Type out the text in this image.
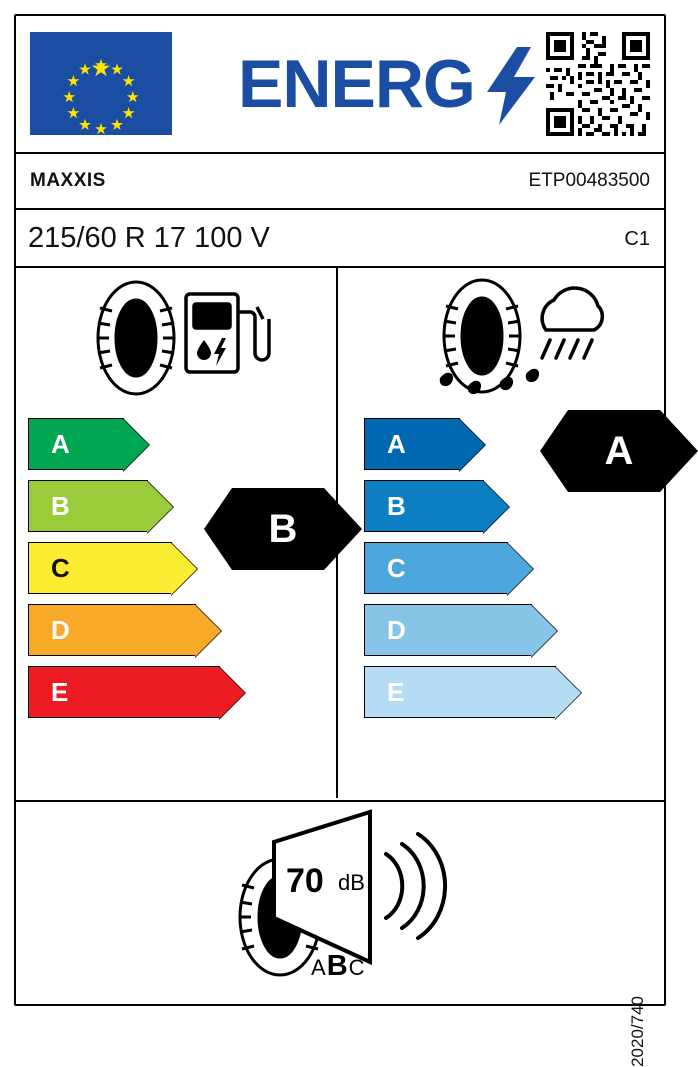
ENERG
MAXXIS	ETP00483500
215/60 R 17 100 V	C1
A
B
C
D
E
B
A
B
C
D
E
A
70 dB
ABC
2020/740
